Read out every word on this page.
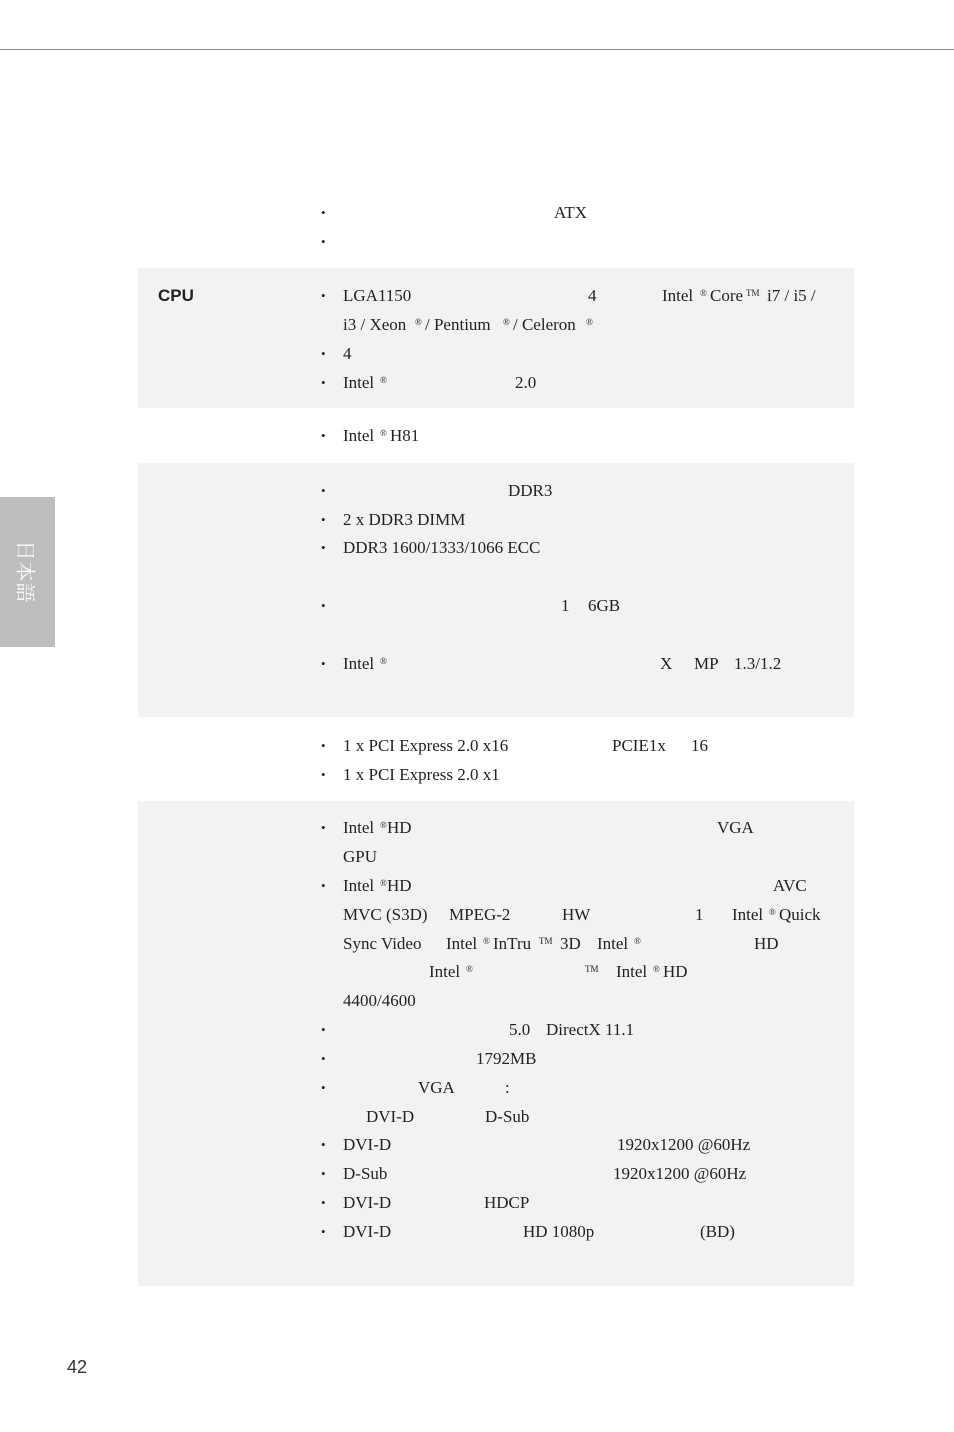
日本語
ATX
CPU	LGA1150	4	Intel ® Core TM i7 / i5 /
i3 / Xeon ® / Pentium ® / Celeron ®
4
Intel ®	2.0
Intel ® H81
DDR3
2 x DDR3 DIMM
DDR3 1600/1333/1066 ECC
1 6GB
Intel ®	X MP 1.3/1.2
1 x PCI Express 2.0 x16	PCIE1x 16
1 x PCI Express 2.0 x1
Intel ® HD	VGA
GPU
Intel ® HD	AVC
MVC (S3D) MPEG-2	HW	1 Intel ® Quick
Sync Video Intel ® InTru TM 3D Intel ®	HD
Intel ®	TM Intel ® HD
4400/4600
5.0 DirectX 11.1
1792MB
VGA	:
DVI-D	D-Sub
DVI-D	1920x1200 @60Hz
D-Sub	1920x1200 @60Hz
DVI-D	HDCP
DVI-D	HD 1080p	(BD)
42
